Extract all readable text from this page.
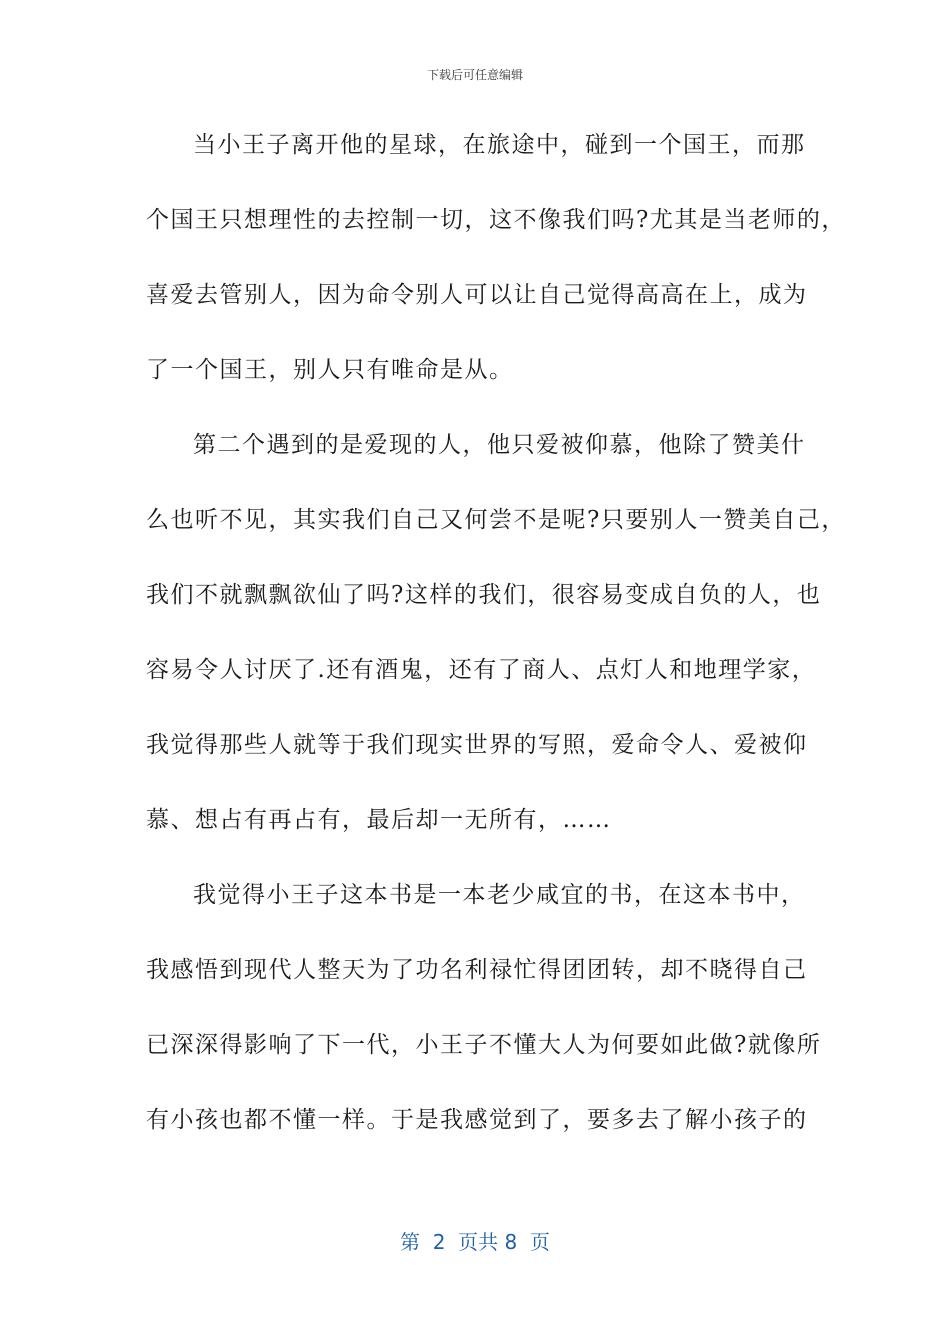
下载后可任意编辑
当小王子离开他的星球，在旅途中，碰到一个国王，而那
个国王只想理性的去控制一切，这不像我们吗?尤其是当老师的，
喜爱去管别人，因为命令别人可以让自己觉得高高在上，成为
了一个国王，别人只有唯命是从。
第二个遇到的是爱现的人，他只爱被仰慕，他除了赞美什
么也听不见，其实我们自己又何尝不是呢?只要别人一赞美自己，
我们不就飘飘欲仙了吗?这样的我们，很容易变成自负的人，也
容易令人讨厌了.还有酒鬼，还有了商人、点灯人和地理学家，
我觉得那些人就等于我们现实世界的写照，爱命令人、爱被仰
慕、想占有再占有，最后却一无所有，……
我觉得小王子这本书是一本老少咸宜的书，在这本书中，
我感悟到现代人整天为了功名利禄忙得团团转，却不晓得自己
已深深得影响了下一代，小王子不懂大人为何要如此做?就像所
有小孩也都不懂一样。于是我感觉到了，要多去了解小孩子的
第  2  页共 8  页
